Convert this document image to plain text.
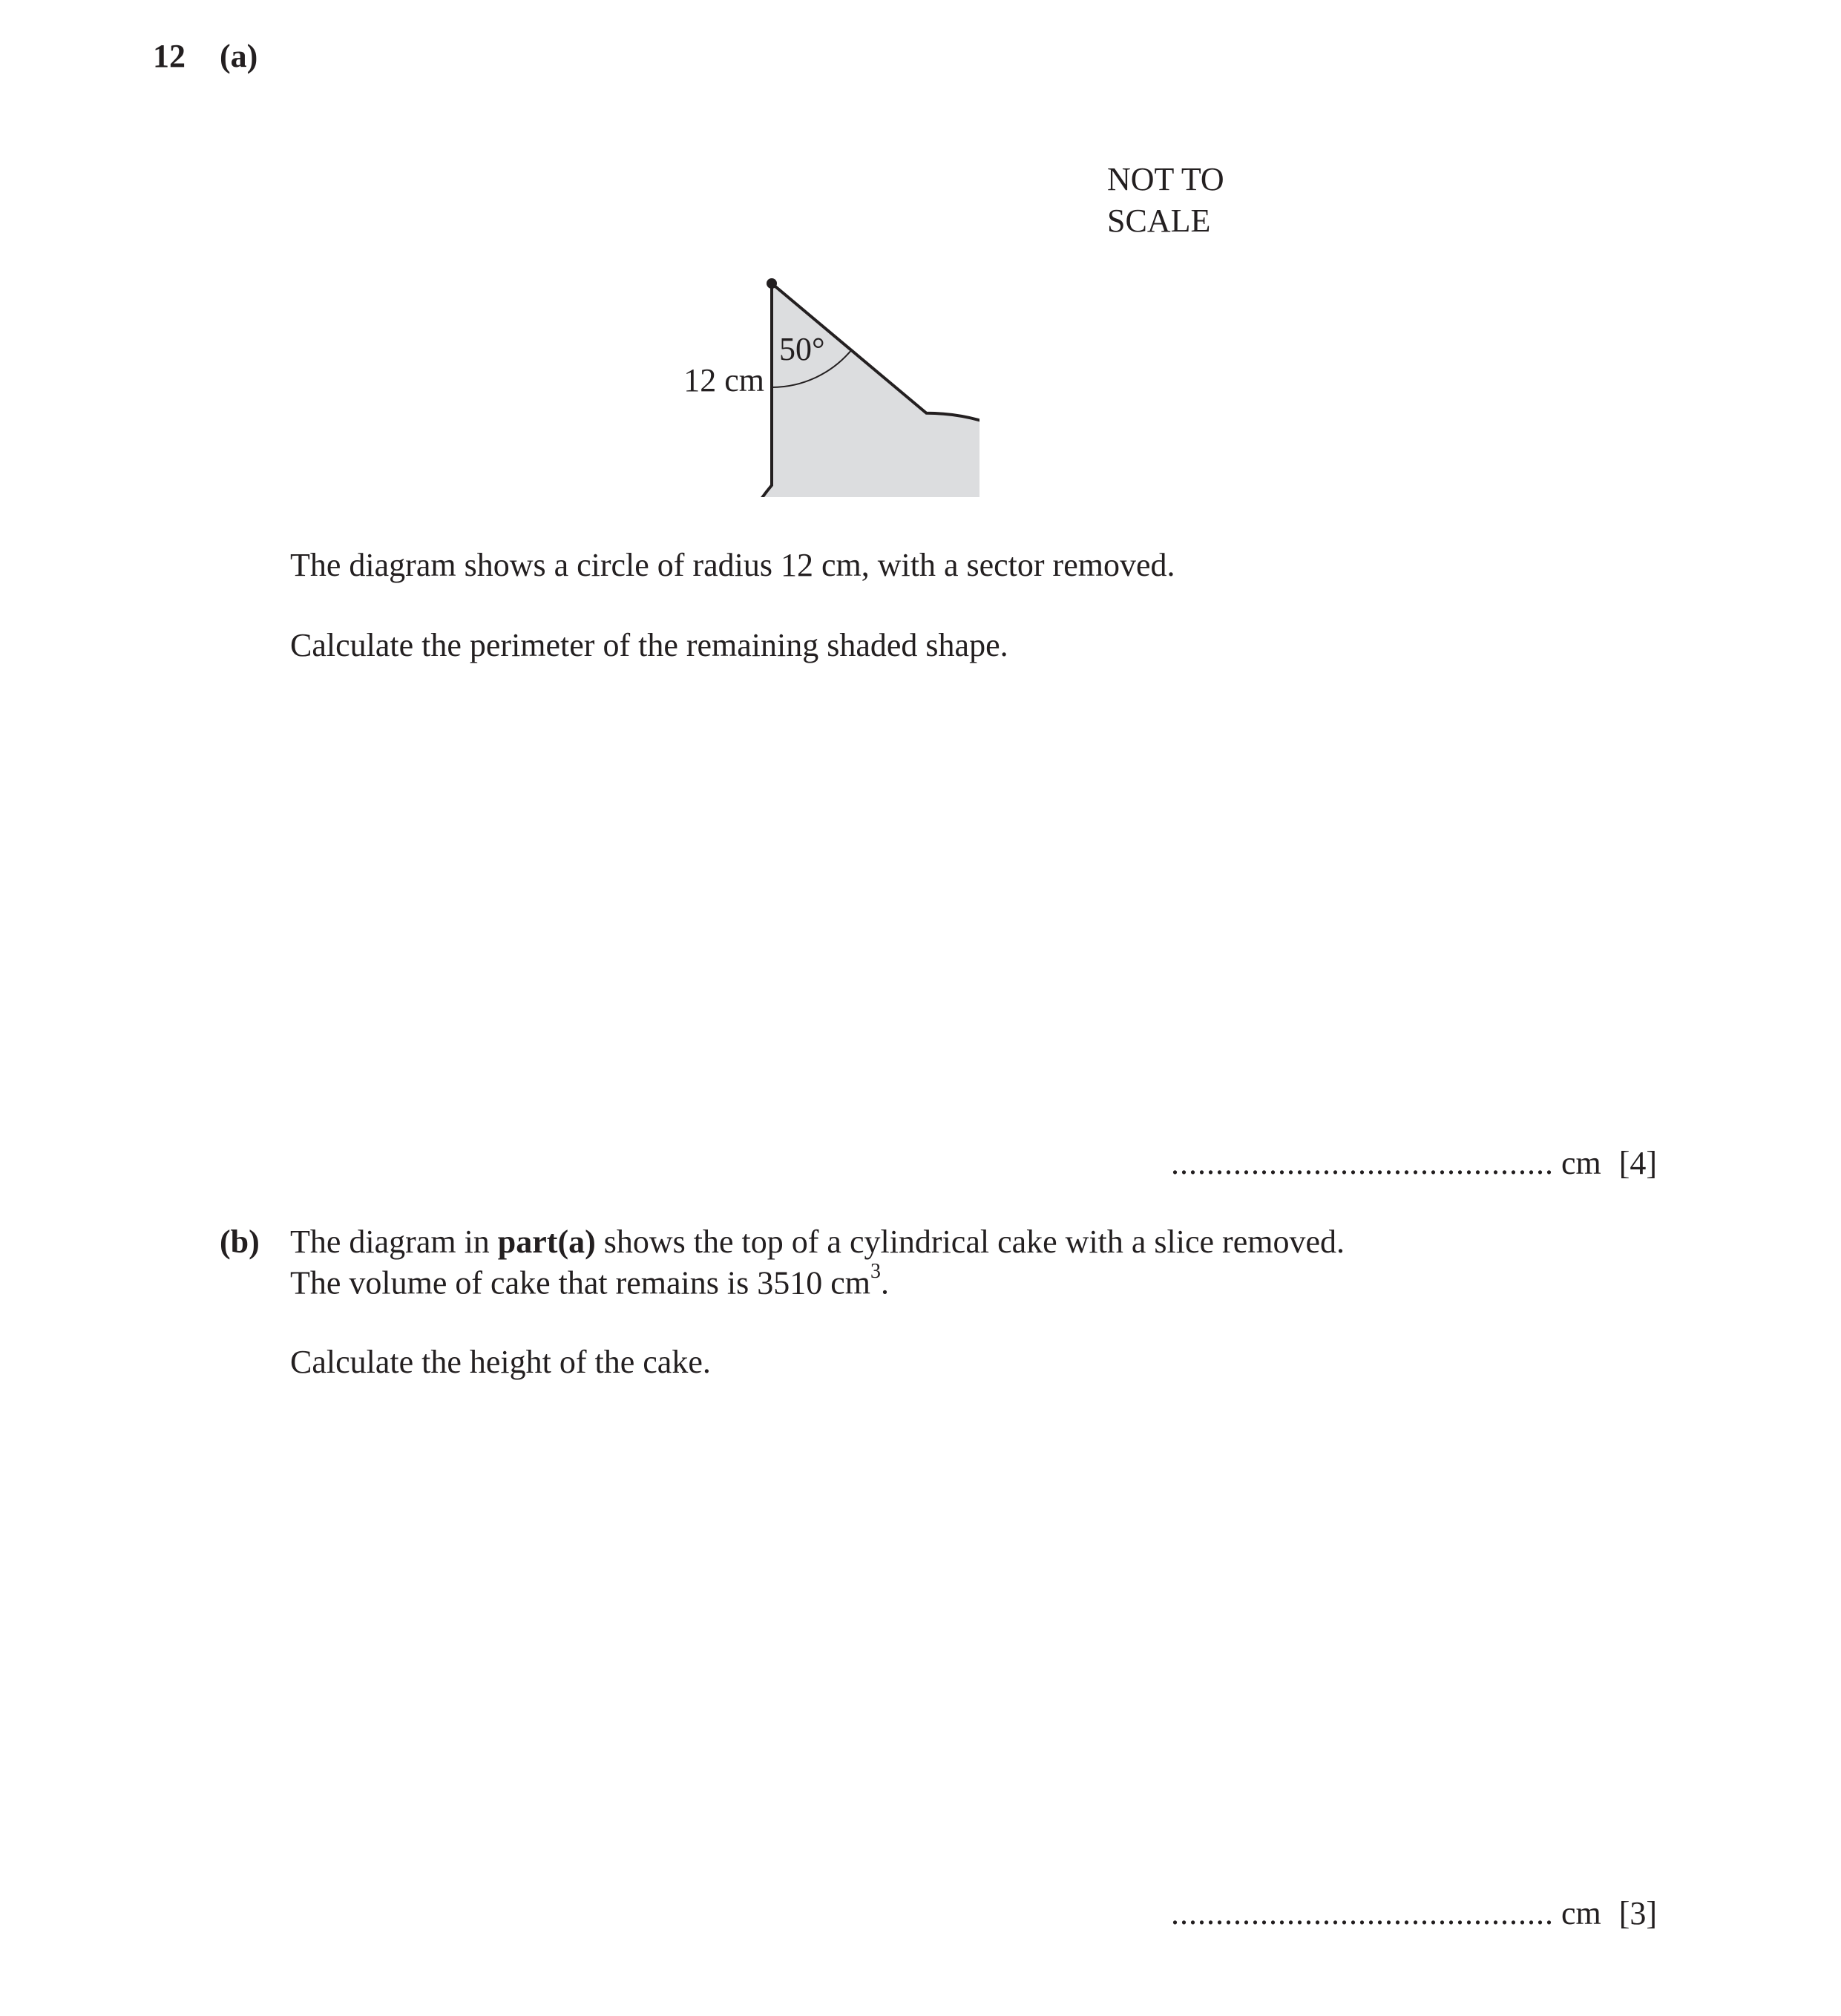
12 (a)
50°
12 cm
NOT TO
SCALE
The diagram shows a circle of radius 12 cm, with a sector removed.
Calculate the perimeter of the remaining shaded shape.
........................................... cm [4]
(b) The diagram in part(a) shows the top of a cylindrical cake with a slice removed.
The volume of cake that remains is 3510 $cm^3$.
Calculate the height of the cake.
........................................... cm [3]
